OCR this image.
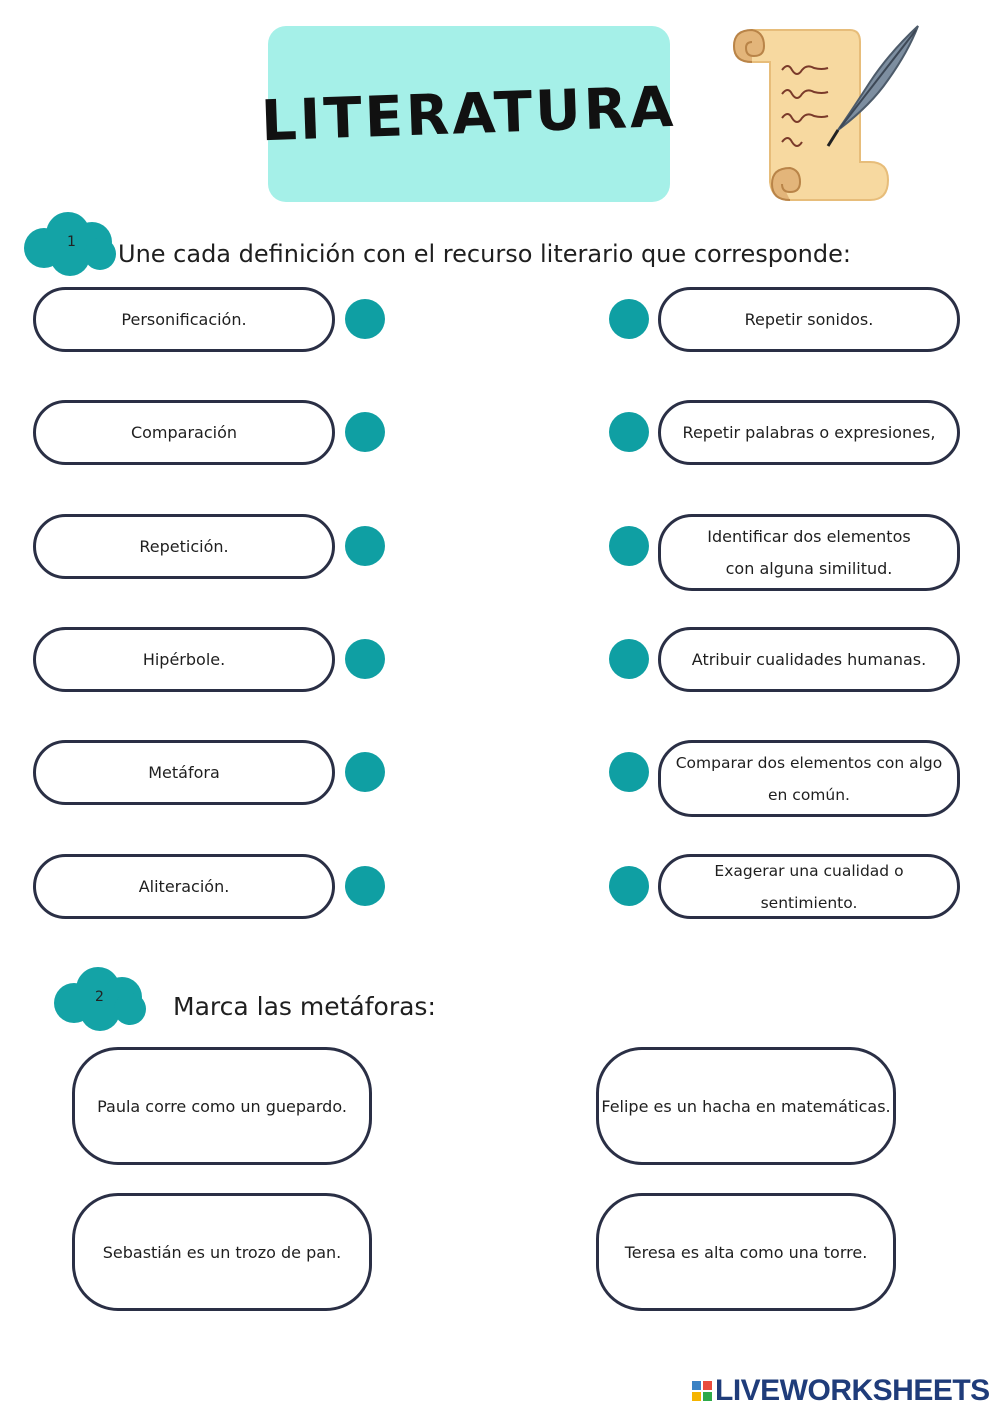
LITERATURA
1 Une cada definición con el recurso literario que corresponde:
Personificación.
Comparación
Repetición.
Hipérbole.
Metáfora
Aliteración.
Repetir sonidos.
Repetir palabras o expresiones,
Identificar dos elementos con alguna similitud.
Atribuir cualidades humanas.
Comparar dos elementos con algo en común.
Exagerar una cualidad o sentimiento.
2	Marca las metáforas:
Paula corre como un guepardo.	Felipe es un hacha en matemáticas.
Sebastián es un trozo de pan.	Teresa es alta como una torre.
LIVEWORKSHEETS
